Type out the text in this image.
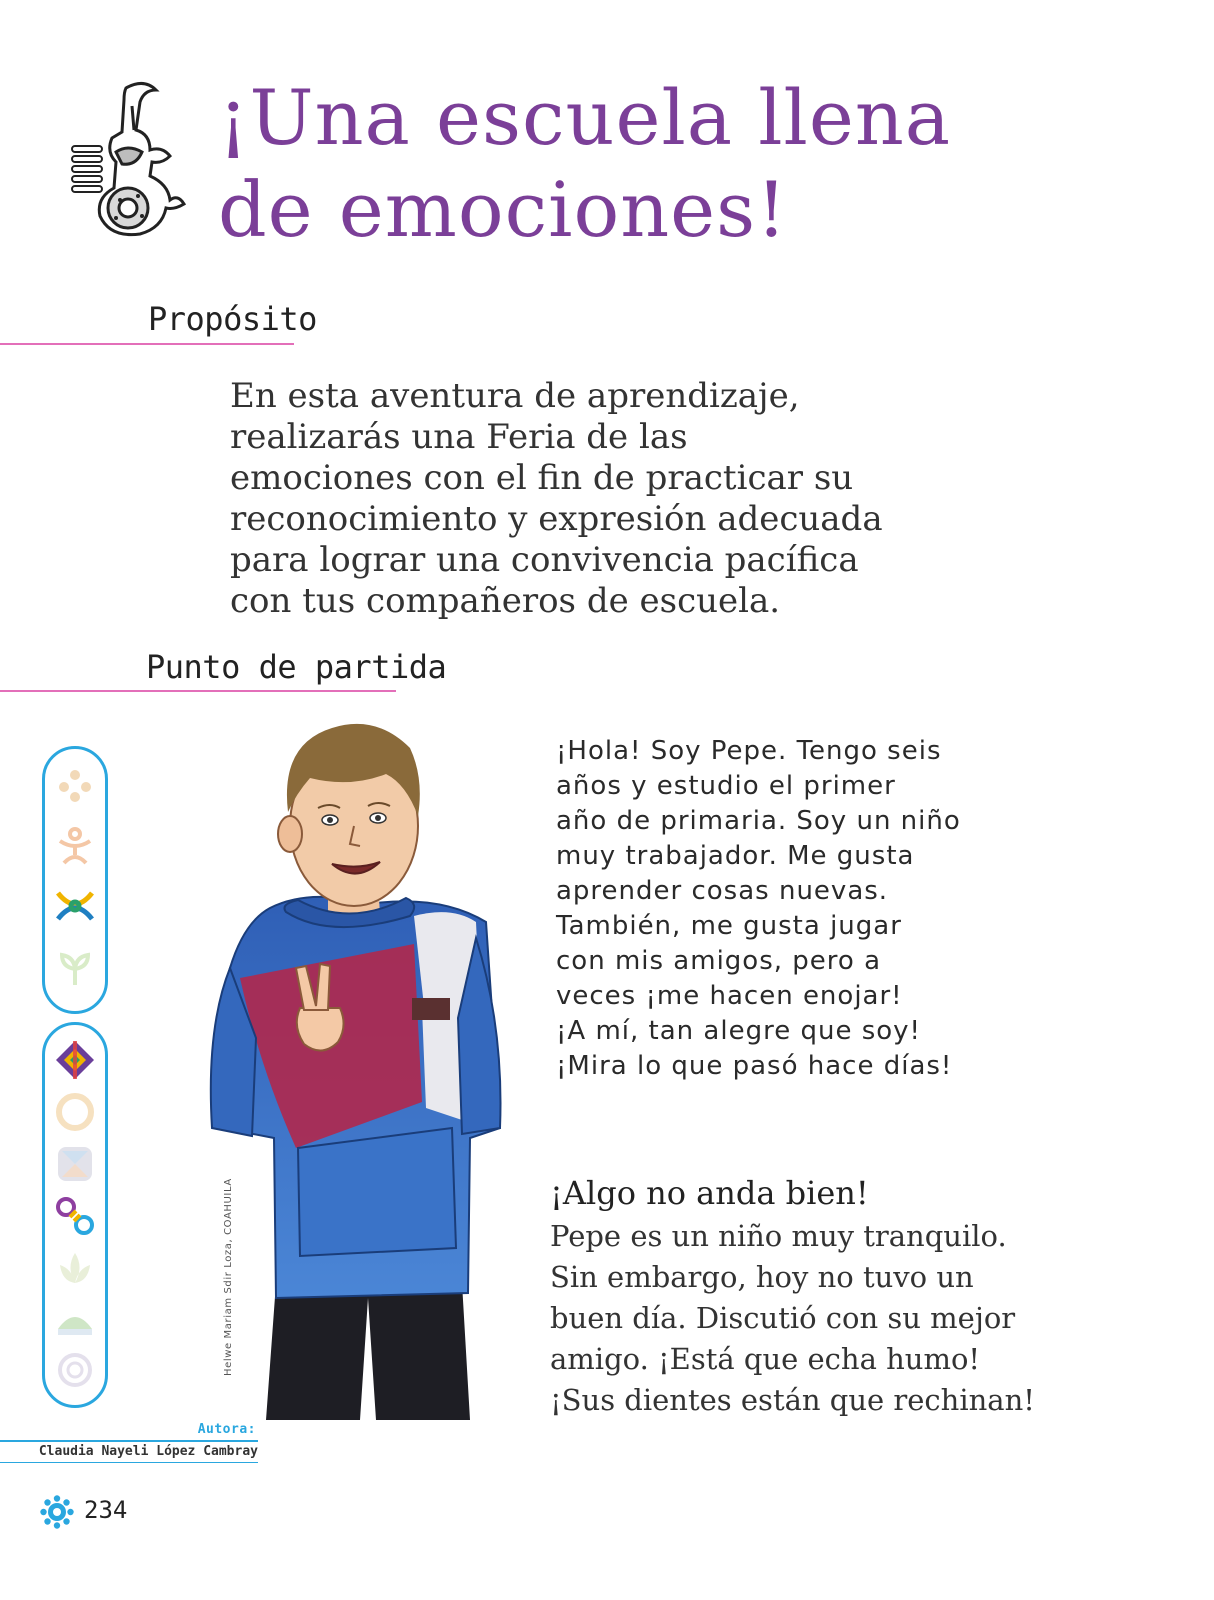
¡Una escuela llena
de emociones!
Propósito
En esta aventura de aprendizaje,
realizarás una Feria de las
emociones con el fin de practicar su
reconocimiento y expresión adecuada
para lograr una convivencia pacífica
con tus compañeros de escuela.
Punto de partida
Helwe Mariam Sdir Loza, COAHUILA
¡Hola! Soy Pepe. Tengo seis
años y estudio el primer
año de primaria. Soy un niño
muy trabajador. Me gusta
aprender cosas nuevas.
También, me gusta jugar
con mis amigos, pero a
veces ¡me hacen enojar!
¡A mí, tan alegre que soy!
¡Mira lo que pasó hace días!
¡Algo no anda bien!
Pepe es un niño muy tranquilo.
Sin embargo, hoy no tuvo un
buen día. Discutió con su mejor
amigo. ¡Está que echa humo!
¡Sus dientes están que rechinan!
Autora:
Claudia Nayeli López Cambray
234
